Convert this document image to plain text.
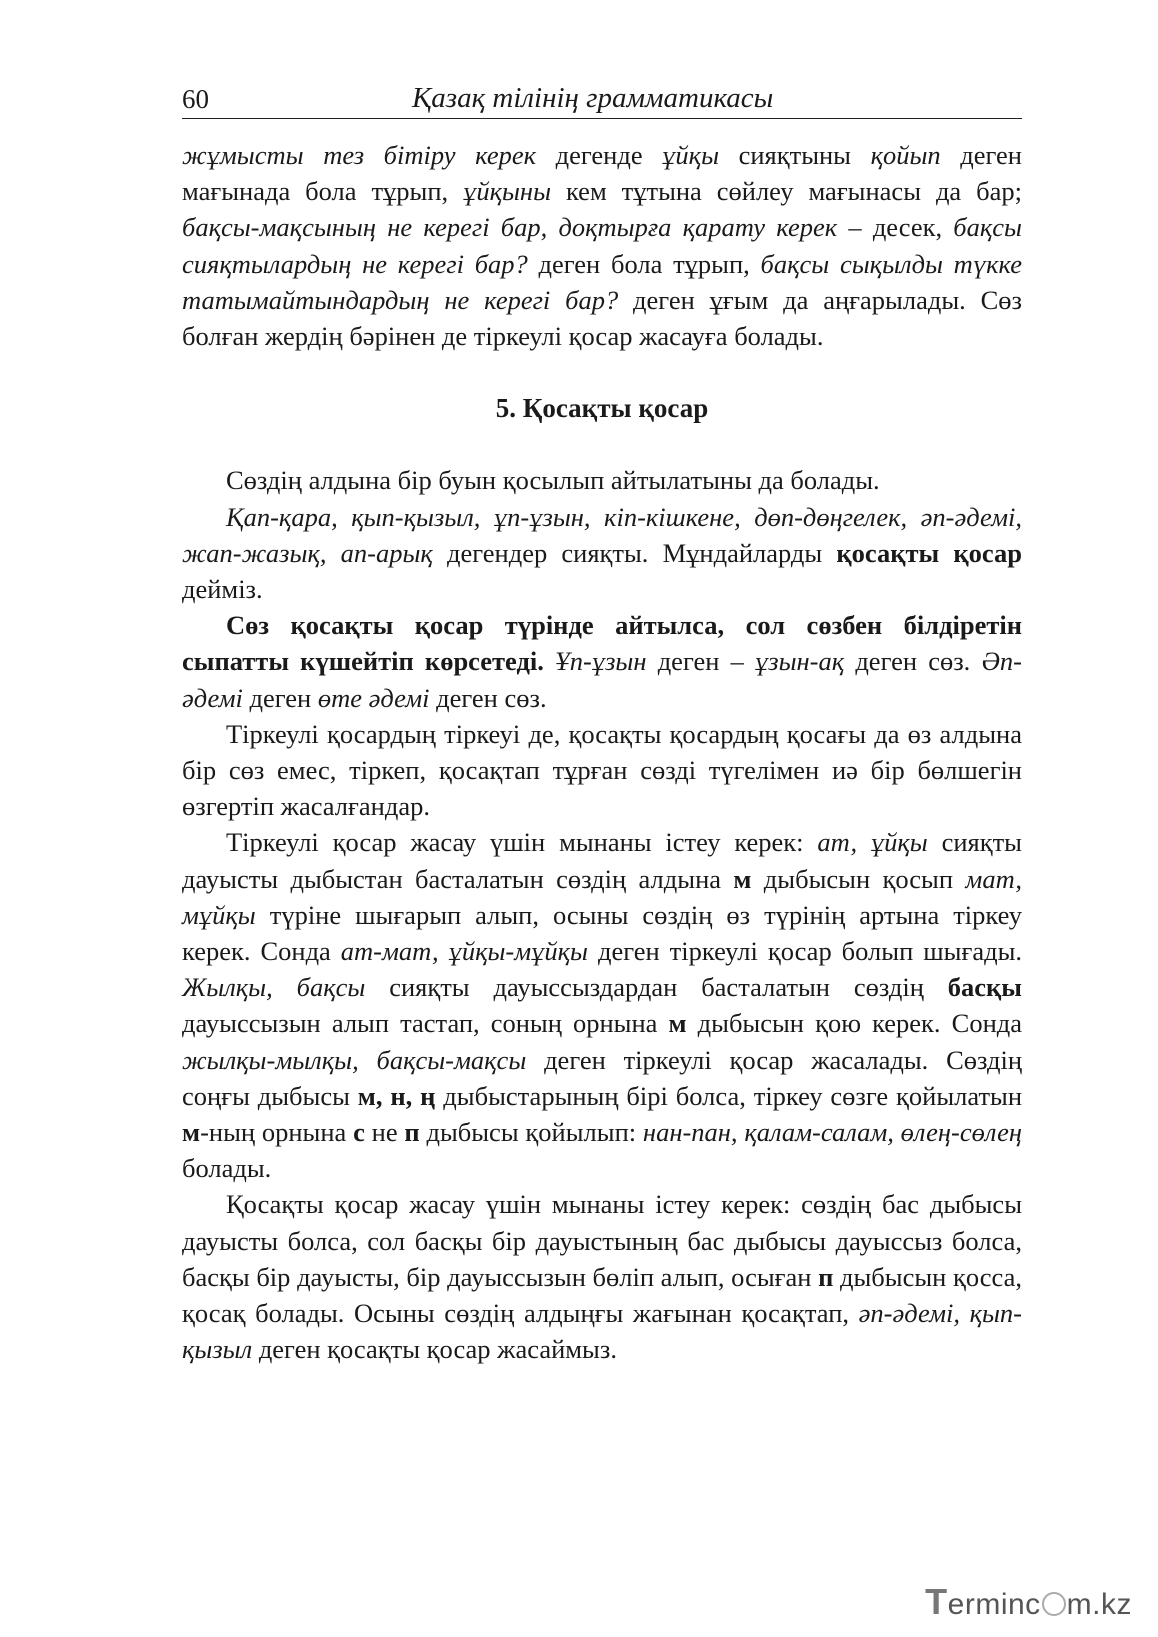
60	Қазақ тілінің грамматикасы

жұмысты тез бітіру керек дегенде ұйқы сияқтыны қойып деген мағынада бола тұрып, ұйқыны кем тұтына сөйлеу мағынасы да бар; бақсы-мақсының не керегі бар, доқтырға қарату керек – десек, бақсы сияқтылардың не керегі бар? деген бола тұрып, бақсы сықылды түкке татымайтындардың не керегі бар? деген ұғым да аңғарылады. Сөз болған жердің бәрінен де тіркеулі қосар жасауға болады.

5. Қосақты қосар

Сөздің алдына бір буын қосылып айтылатыны да болады.

Қап-қара, қып-қызыл, ұп-ұзын, кіп-кішкене, дөп-дөңгелек, әп-әдемі, жап-жазық, ап-арық дегендер сияқты. Мұндайларды қосақты қосар дейміз.

Сөз қосақты қосар түрінде айтылса, сол сөзбен білдіретін сыпатты күшейтіп көрсетеді. Ұп-ұзын деген – ұзын-ақ деген сөз. Әп-әдемі деген өте әдемі деген сөз.

Тіркеулі қосардың тіркеуі де, қосақты қосардың қосағы да өз алдына бір сөз емес, тіркеп, қосақтап тұрған сөзді түгелімен иә бір бөлшегін өзгертіп жасалғандар.

Тіркеулі қосар жасау үшін мынаны істеу керек: ат, ұйқы сияқты дауысты дыбыстан басталатын сөздің алдына м дыбысын қосып мат, мұйқы түріне шығарып алып, осыны сөздің өз түрінің артына тіркеу керек. Сонда ат-мат, ұйқы-мұйқы деген тіркеулі қосар болып шығады. Жылқы, бақсы сияқты дауыссыздардан басталатын сөздің басқы дауыссызын алып тастап, соның орнына м дыбысын қою керек. Сонда жылқы-мылқы, бақсы-мақсы деген тіркеулі қосар жасалады. Сөздің соңғы дыбысы м, н, ң дыбыстарының бірі болса, тіркеу сөзге қойылатын м-ның орнына с не п дыбысы қойылып: нан-пан, қалам-салам, өлең-сөлең болады.

Қосақты қосар жасау үшін мынаны істеу керек: сөздің бас дыбысы дауысты болса, сол басқы бір дауыстының бас дыбысы дауыссыз болса, басқы бір дауысты, бір дауыссызын бөліп алып, осыған п дыбысын қосса, қосақ болады. Осыны сөздің алдыңғы жағынан қосақтап, әп-әдемі, қып-қызыл деген қосақты қосар жасаймыз.

Terminc m.kz
